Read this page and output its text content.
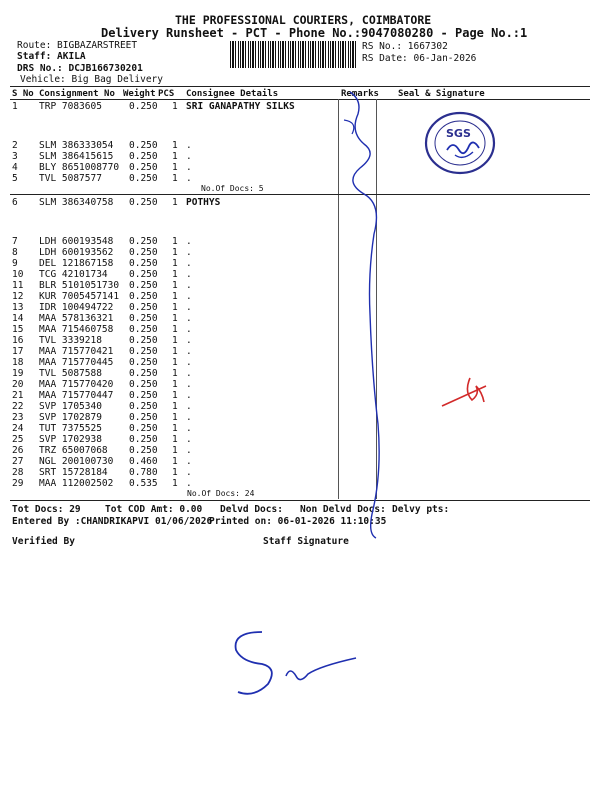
THE PROFESSIONAL COURIERS, COIMBATORE
Delivery Runsheet - PCT - Phone No.:9047080280 - Page No.:1
Route: BIGBAZARSTREET
Staff: AKILA
DRS No.: DCJB166730201
Vehicle: Big Bag Delivery
RS No.: 1667302
RS Date: 06-Jan-2026
S No Consignment No Weight PCS Consignee Details	Remarks Seal & Signature
1 TRP 7083605	0.250 1 SRI GANAPATHY SILKS
2 SLM 386333054 0.250 1 .
3 SLM 386415615 0.250 1 .
4 BLY 8651008770 0.250 1 .
5 TVL 5087577	0.250 1 .
No.Of Docs: 5
6 SLM 386340758 0.250 1 POTHYS
7 LDH 600193548 0.250 1 .
8 LDH 600193562 0.250 1 .
9 DEL 121867158 0.250 1 .
10 TCG 42101734 0.250 1 .
11 BLR 5101051730 0.250 1 .
12 KUR 7005457141 0.250 1 .
13 IDR 100494722 0.250 1 .
14 MAA 578136321 0.250 1 .
15 MAA 715460758 0.250 1 .
16 TVL 3339218	0.250 1 .
17 MAA 715770421 0.250 1 .
18 MAA 715770445 0.250 1 .
19 TVL 5087588	0.250 1 .
20 MAA 715770420 0.250 1 .
21 MAA 715770447 0.250 1 .
22 SVP 1705340	0.250 1 .
23 SVP 1702879	0.250 1 .
24 TUT 7375525	0.250 1 .
25 SVP 1702938	0.250 1 .
26 TRZ 65007068 0.250 1 .
27 NGL 200100730 0.460 1 .
28 SRT 15728184 0.780 1 .
29 MAA 112002502 0.535 1 .
No.Of Docs: 24
Tot Docs: 29	Tot COD Amt: 0.00 Delvd Docs: Non Delvd Docs: Delvy pts:
Entered By :CHANDRIKAPVI 01/06/2026
Printed on: 06-01-2026 11:10:35
Verified By	Staff Signature
SGS
